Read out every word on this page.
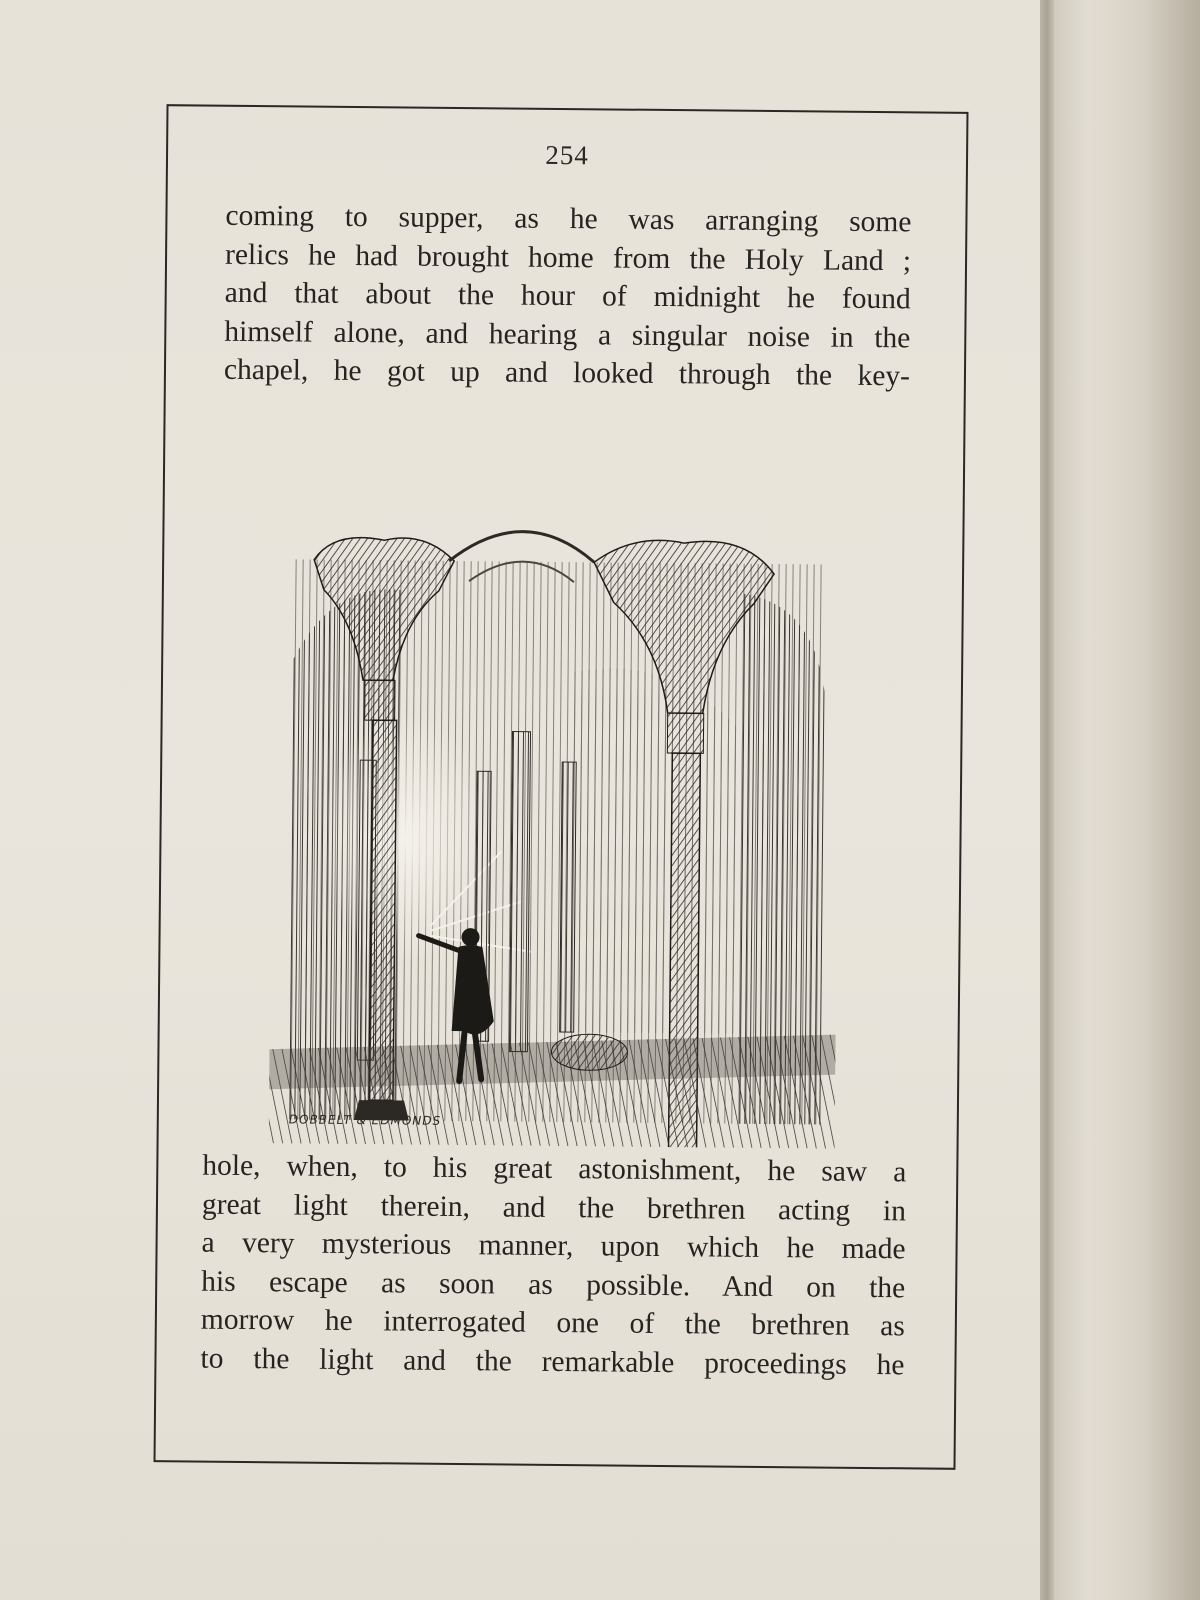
254
coming to supper, as he was arranging some
relics he had brought home from the Holy Land ;
and that about the hour of midnight he found
himself alone, and hearing a singular noise in the
chapel, he got up and looked through the key-
DOBBELT & EDMONDS
hole, when, to his great astonishment, he saw a
great light therein, and the brethren acting in
a very mysterious manner, upon which he made
his escape as soon as possible. And on the
morrow he interrogated one of the brethren as
to the light and the remarkable proceedings he
